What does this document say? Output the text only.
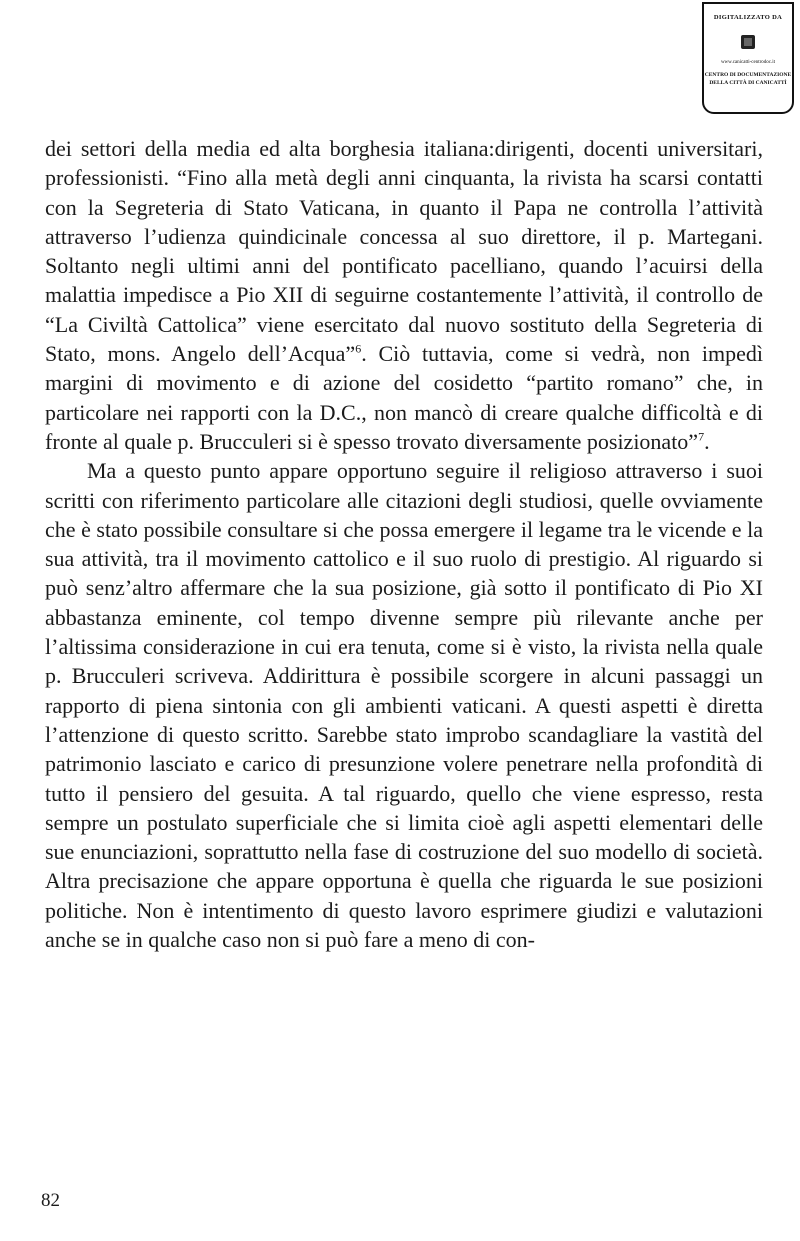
DIGITALIZZATO DA
www.canicatti-centrodoc.it
CENTRO DI DOCUMENTAZIONE
DELLA CITTÀ DI CANICATTÌ

dei settori della media ed alta borghesia italiana:dirigenti, docenti universitari, professionisti. “Fino alla metà degli anni cinquanta, la rivista ha scarsi contatti con la Segreteria di Stato Vaticana, in quanto il Papa ne controlla l’attività attraverso l’udienza quindicinale concessa al suo direttore, il p. Martegani. Soltanto negli ultimi anni del pontificato pacelliano, quando l’acuirsi della malattia impedisce a Pio XII di seguirne costantemente l’attività, il controllo de “La Civiltà Cattolica” viene esercitato dal nuovo sostituto della Segreteria di Stato, mons. Angelo dell’Acqua”$^6$. Ciò tuttavia, come si vedrà, non impedì margini di movimento e di azione del cosidetto “partito romano” che, in particolare nei rapporti con la D.C., non mancò di creare qualche difficoltà e di fronte al quale p. Brucculeri si è spesso trovato diversamente posizionato”$^7$.

Ma a questo punto appare opportuno seguire il religioso attraverso i suoi scritti con riferimento particolare alle citazioni degli studiosi, quelle ovviamente che è stato possibile consultare si che possa emergere il legame tra le vicende e la sua attività, tra il movimento cattolico e il suo ruolo di prestigio. Al riguardo si può senz’altro affermare che la sua posizione, già sotto il pontificato di Pio XI abbastanza eminente, col tempo divenne sempre più rilevante anche per l’altissima considerazione in cui era tenuta, come si è visto, la rivista nella quale p. Brucculeri scriveva. Addirittura è possibile scorgere in alcuni passaggi un rapporto di piena sintonia con gli ambienti vaticani. A questi aspetti è diretta l’attenzione di questo scritto. Sarebbe stato improbo scandagliare la vastità del patrimonio lasciato e carico di presunzione volere penetrare nella profondità di tutto il pensiero del gesuita. A tal riguardo, quello che viene espresso, resta sempre un postulato superficiale che si limita cioè agli aspetti elementari delle sue enunciazioni, soprattutto nella fase di costruzione del suo modello di società. Altra precisazione che appare opportuna è quella che riguarda le sue posizioni politiche. Non è intentimento di questo lavoro esprimere giudizi e valutazioni anche se in qualche caso non si può fare a meno di con-

82
